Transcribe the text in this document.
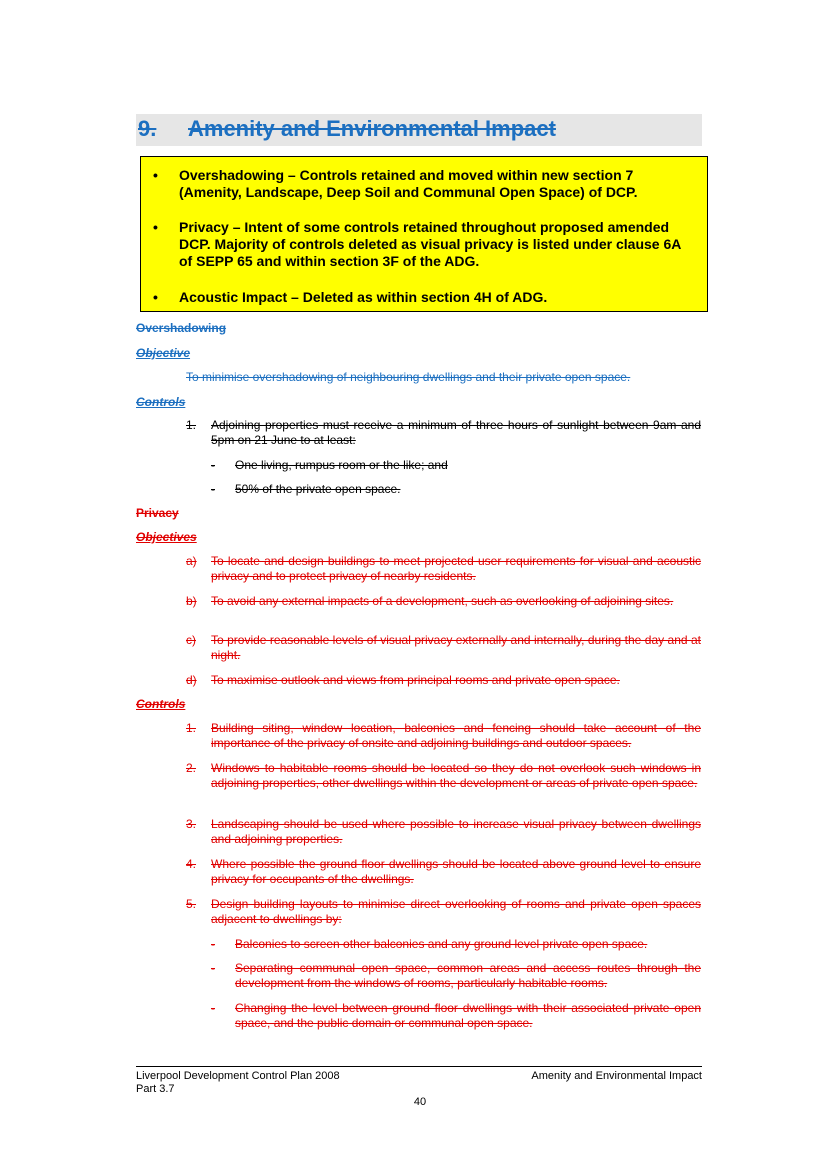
9. Amenity and Environmental Impact
• Overshadowing – Controls retained and moved within new section 7 (Amenity, Landscape, Deep Soil and Communal Open Space) of DCP.
• Privacy – Intent of some controls retained throughout proposed amended DCP. Majority of controls deleted as visual privacy is listed under clause 6A of SEPP 65 and within section 3F of the ADG.
• Acoustic Impact – Deleted as within section 4H of ADG.
Overshadowing
Objective
To minimise overshadowing of neighbouring dwellings and their private open space.
Controls
1. Adjoining properties must receive a minimum of three hours of sunlight between 9am and 5pm on 21 June to at least:
- One living, rumpus room or the like; and
- 50% of the private open space.
Privacy
Objectives
a) To locate and design buildings to meet projected user requirements for visual and acoustic privacy and to protect privacy of nearby residents.
b) To avoid any external impacts of a development, such as overlooking of adjoining sites.
c) To provide reasonable levels of visual privacy externally and internally, during the day and at night.
d) To maximise outlook and views from principal rooms and private open space.
Controls
1. Building siting, window location, balconies and fencing should take account of the importance of the privacy of onsite and adjoining buildings and outdoor spaces.
2. Windows to habitable rooms should be located so they do not overlook such windows in adjoining properties, other dwellings within the development or areas of private open space.
3. Landscaping should be used where possible to increase visual privacy between dwellings and adjoining properties.
4. Where possible the ground floor dwellings should be located above ground level to ensure privacy for occupants of the dwellings.
5. Design building layouts to minimise direct overlooking of rooms and private open spaces adjacent to dwellings by:
- Balconies to screen other balconies and any ground level private open space.
- Separating communal open space, common areas and access routes through the development from the windows of rooms, particularly habitable rooms.
- Changing the level between ground floor dwellings with their associated private open space, and the public domain or communal open space.
Liverpool Development Control Plan 2008
Part 3.7
Amenity and Environmental Impact
40
